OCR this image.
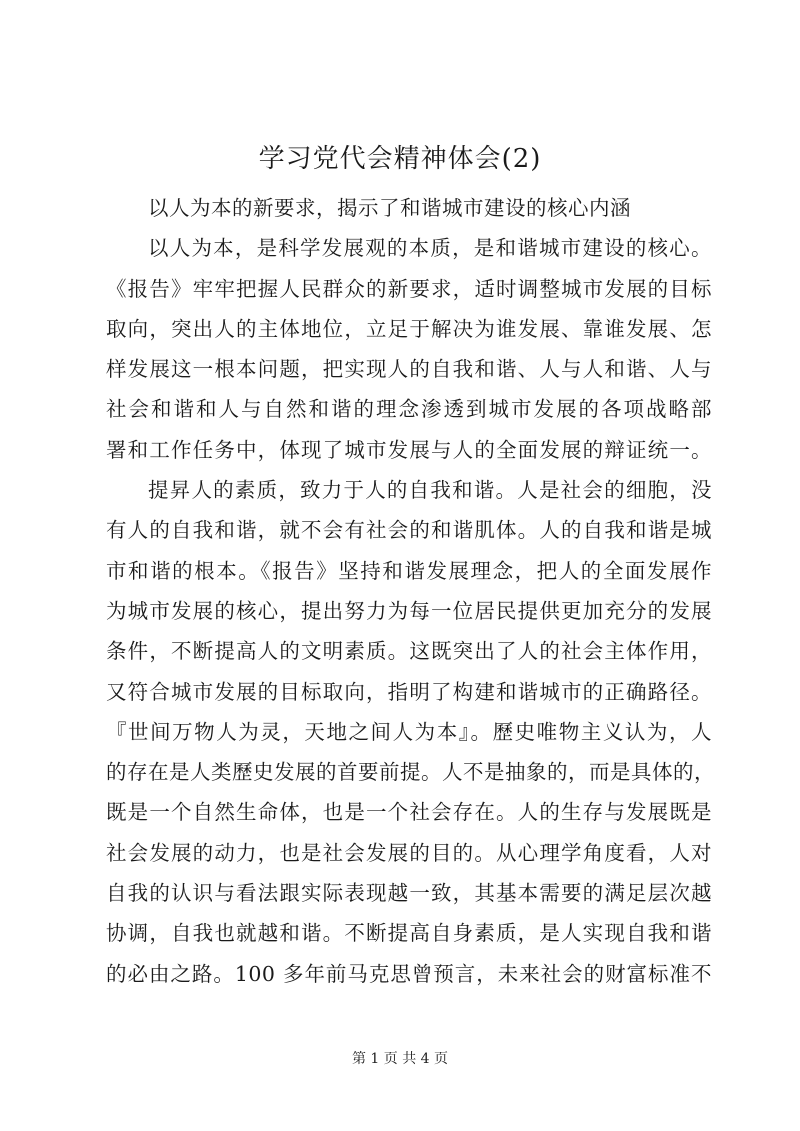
学习党代会精神体会(2)
以人为本的新要求，揭示了和谐城市建设的核心内涵
以人为本，是科学发展观的本质，是和谐城市建设的核心。
《报告》牢牢把握人民群众的新要求，适时调整城市发展的目标
取向，突出人的主体地位，立足于解决为谁发展、靠谁发展、怎
样发展这一根本问题，把实现人的自我和谐、人与人和谐、人与
社会和谐和人与自然和谐的理念渗透到城市发展的各项战略部
署和工作任务中，体现了城市发展与人的全面发展的辩证统一。
提昇人的素质，致力于人的自我和谐。人是社会的细胞，没
有人的自我和谐，就不会有社会的和谐肌体。人的自我和谐是城
市和谐的根本。《报告》坚持和谐发展理念，把人的全面发展作
为城市发展的核心，提出努力为每一位居民提供更加充分的发展
条件，不断提高人的文明素质。这既突出了人的社会主体作用，
又符合城市发展的目标取向，指明了构建和谐城市的正确路径。
『世间万物人为灵，天地之间人为本』。歷史唯物主义认为，人
的存在是人类歷史发展的首要前提。人不是抽象的，而是具体的，
既是一个自然生命体，也是一个社会存在。人的生存与发展既是
社会发展的动力，也是社会发展的目的。从心理学角度看，人对
自我的认识与看法跟实际表现越一致，其基本需要的满足层次越
协调，自我也就越和谐。不断提高自身素质，是人实现自我和谐
的必由之路。100 多年前马克思曾预言，未来社会的财富标准不
第 1 页 共 4 页
